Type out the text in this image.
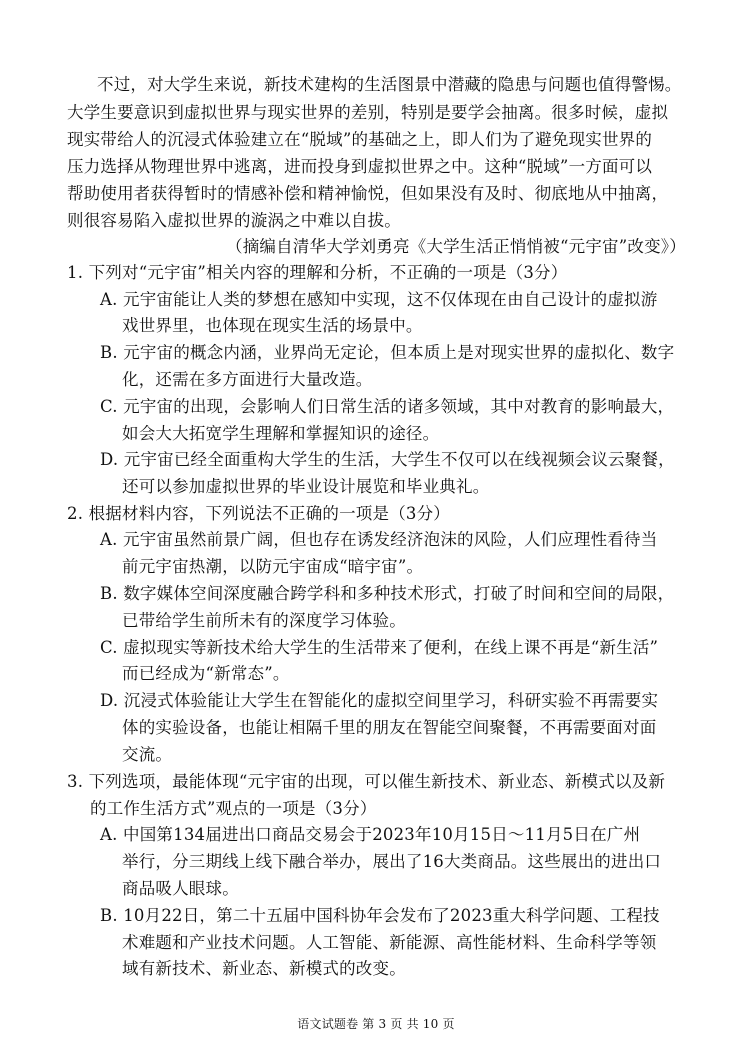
不过，对大学生来说，新技术建构的生活图景中潜藏的隐患与问题也值得警惕。
大学生要意识到虚拟世界与现实世界的差别，特别是要学会抽离。很多时候，虚拟
现实带给人的沉浸式体验建立在“脱域”的基础之上，即人们为了避免现实世界的
压力选择从物理世界中逃离，进而投身到虚拟世界之中。这种“脱域”一方面可以
帮助使用者获得暂时的情感补偿和精神愉悦，但如果没有及时、彻底地从中抽离，
则很容易陷入虚拟世界的漩涡之中难以自拔。
（摘编自清华大学刘勇亮《大学生活正悄悄被“元宇宙”改变》）
1. 下列对“元宇宙”相关内容的理解和分析，不正确的一项是（3分）
A. 元宇宙能让人类的梦想在感知中实现，这不仅体现在由自己设计的虚拟游
戏世界里，也体现在现实生活的场景中。
B. 元宇宙的概念内涵，业界尚无定论，但本质上是对现实世界的虚拟化、数字
化，还需在多方面进行大量改造。
C. 元宇宙的出现，会影响人们日常生活的诸多领域，其中对教育的影响最大，
如会大大拓宽学生理解和掌握知识的途径。
D. 元宇宙已经全面重构大学生的生活，大学生不仅可以在线视频会议云聚餐，
还可以参加虚拟世界的毕业设计展览和毕业典礼。
2. 根据材料内容，下列说法不正确的一项是（3分）
A. 元宇宙虽然前景广阔，但也存在诱发经济泡沫的风险，人们应理性看待当
前元宇宙热潮，以防元宇宙成“暗宇宙”。
B. 数字媒体空间深度融合跨学科和多种技术形式，打破了时间和空间的局限，
已带给学生前所未有的深度学习体验。
C. 虚拟现实等新技术给大学生的生活带来了便利，在线上课不再是“新生活”
而已经成为“新常态”。
D. 沉浸式体验能让大学生在智能化的虚拟空间里学习，科研实验不再需要实
体的实验设备，也能让相隔千里的朋友在智能空间聚餐，不再需要面对面
交流。
3. 下列选项，最能体现“元宇宙的出现，可以催生新技术、新业态、新模式以及新
的工作生活方式”观点的一项是（3分）
A. 中国第134届进出口商品交易会于2023年10月15日～11月5日在广州
举行，分三期线上线下融合举办，展出了16大类商品。这些展出的进出口
商品吸人眼球。
B. 10月22日，第二十五届中国科协年会发布了2023重大科学问题、工程技
术难题和产业技术问题。人工智能、新能源、高性能材料、生命科学等领
域有新技术、新业态、新模式的改变。
语文试题卷 第 3 页 共 10 页
